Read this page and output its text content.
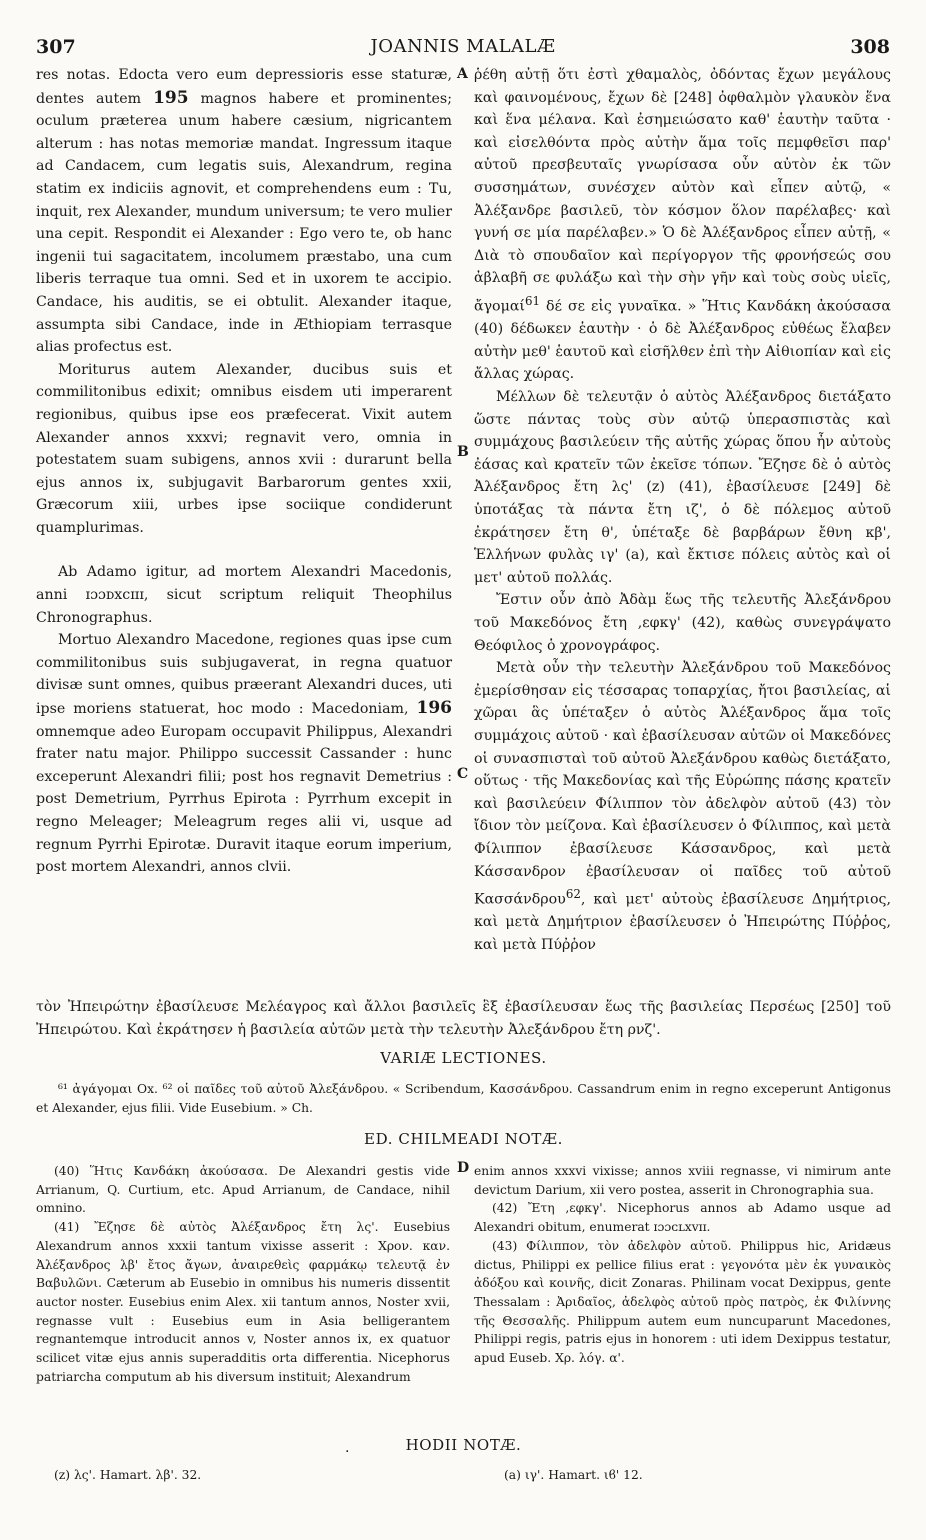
307	JOANNIS MALALÆ	308
A
B
C
D

res notas. Edocta vero eum depressioris esse staturæ, dentes autem 195 magnos habere et prominentes; oculum præterea unum habere cæsium, nigricantem alterum : has notas memoriæ mandat. Ingressum itaque ad Candacem, cum legatis suis, Alexandrum, regina statim ex indiciis agnovit, et comprehendens eum : Tu, inquit, rex Alexander, mundum universum; te vero mulier una cepit. Respondit ei Alexander : Ego vero te, ob hanc ingenii tui sagacitatem, incolumem præstabo, una cum liberis terraque tua omni. Sed et in uxorem te accipio. Candace, his auditis, se ei obtulit. Alexander itaque, assumpta sibi Candace, inde in Æthiopiam terrasque alias profectus est.

Moriturus autem Alexander, ducibus suis et commilitonibus edixit; omnibus eisdem uti imperarent regionibus, quibus ipse eos præfecerat. Vixit autem Alexander annos xxxvi; regnavit vero, omnia in potestatem suam subigens, annos xvii : durarunt bella ejus annos ix, subjugavit Barbarorum gentes xxii, Græcorum xiii, urbes ipse sociique condiderunt quamplurimas.

Ab Adamo igitur, ad mortem Alexandri Macedonis, anni ɪɔɔᴅxcɪɪɪ, sicut scriptum reliquit Theophilus Chronographus.

Mortuo Alexandro Macedone, regiones quas ipse cum commilitonibus suis subjugaverat, in regna quatuor divisæ sunt omnes, quibus præerant Alexandri duces, uti ipse moriens statuerat, hoc modo : Macedoniam, 196 omnemque adeo Europam occupavit Philippus, Alexandri frater natu major. Philippo successit Cassander : hunc exceperunt Alexandri filii; post hos regnavit Demetrius : post Demetrium, Pyrrhus Epirota : Pyrrhum excepit in regno Meleager; Meleagrum reges alii vi, usque ad regnum Pyrrhi Epirotæ. Duravit itaque eorum imperium, post mortem Alexandri, annos clvii.

ῥέθη αὐτῇ ὅτι ἐστὶ χθαμαλὸς, ὀδόντας ἔχων μεγάλους καὶ φαινομένους, ἔχων δὲ [248] ὀφθαλμὸν γλαυκὸν ἕνα καὶ ἕνα μέλανα. Καὶ ἐσημειώσατο καθ' ἑαυτὴν ταῦτα · καὶ εἰσελθόντα πρὸς αὐτὴν ἅμα τοῖς πεμφθεῖσι παρ' αὐτοῦ πρεσβευταῖς γνωρίσασα οὖν αὐτὸν ἐκ τῶν συσσημάτων, συνέσχεν αὐτὸν καὶ εἶπεν αὐτῷ, « Ἀλέξανδρε βασιλεῦ, τὸν κόσμον ὅλον παρέλαβες· καὶ γυνή σε μία παρέλαβεν.» Ὁ δὲ Ἀλέξανδρος εἶπεν αὐτῇ, « Διὰ τὸ σπουδαῖον καὶ περίγοργον τῆς φρονήσεώς σου ἀβλαβῆ σε φυλάξω καὶ τὴν σὴν γῆν καὶ τοὺς σοὺς υἱεῖς, ἄγομαί$^{61}$ δέ σε εἰς γυναῖκα. » Ἥτις Κανδάκη ἀκούσασα (40) δέδωκεν ἑαυτὴν · ὁ δὲ Ἀλέξανδρος εὐθέως ἔλαβεν αὐτὴν μεθ' ἑαυτοῦ καὶ εἰσῆλθεν ἐπὶ τὴν Αἰθιοπίαν καὶ εἰς ἄλλας χώρας.

Μέλλων δὲ τελευτᾷν ὁ αὐτὸς Ἀλέξανδρος διετάξατο ὥστε πάντας τοὺς σὺν αὐτῷ ὑπερασπιστὰς καὶ συμμάχους βασιλεύειν τῆς αὐτῆς χώρας ὅπου ἦν αὐτοὺς ἐάσας καὶ κρατεῖν τῶν ἐκεῖσε τόπων. Ἔζησε δὲ ὁ αὐτὸς Ἀλέξανδρος ἔτη λς' (z) (41), ἐβασίλευσε [249] δὲ ὑποτάξας τὰ πάντα ἔτη ιζ', ὁ δὲ πόλεμος αὐτοῦ ἐκράτησεν ἔτη θ', ὑπέταξε δὲ βαρβάρων ἔθνη κβ', Ἑλλήνων φυλὰς ιγ' (a), καὶ ἔκτισε πόλεις αὐτὸς καὶ οἱ μετ' αὐτοῦ πολλάς.

Ἔστιν οὖν ἀπὸ Ἀδὰμ ἕως τῆς τελευτῆς Ἀλεξάνδρου τοῦ Μακεδόνος ἔτη ,εφκγ' (42), καθὼς συνεγράψατο Θεόφιλος ὁ χρονογράφος.

Μετὰ οὖν τὴν τελευτὴν Ἀλεξάνδρου τοῦ Μακεδόνος ἐμερίσθησαν εἰς τέσσαρας τοπαρχίας, ἤτοι βασιλείας, αἱ χῶραι ἃς ὑπέταξεν ὁ αὐτὸς Ἀλέξανδρος ἅμα τοῖς συμμάχοις αὐτοῦ · καὶ ἐβασίλευσαν αὐτῶν οἱ Μακεδόνες οἱ συνασπισταὶ τοῦ αὐτοῦ Ἀλεξάνδρου καθὼς διετάξατο, οὕτως · τῆς Μακεδονίας καὶ τῆς Εὐρώπης πάσης κρατεῖν καὶ βασιλεύειν Φίλιππον τὸν ἀδελφὸν αὐτοῦ (43) τὸν ἴδιον τὸν μείζονα. Καὶ ἐβασίλευσεν ὁ Φίλιππος, καὶ μετὰ Φίλιππον ἐβασίλευσε Κάσσανδρος, καὶ μετὰ Κάσσανδρον ἐβασίλευσαν οἱ παῖδες τοῦ αὐτοῦ Κασσάνδρου$^{62}$, καὶ μετ' αὐτοὺς ἐβασίλευσε Δημήτριος, καὶ μετὰ Δημήτριον ἐβασίλευσεν ὁ Ἠπειρώτης Πύῤῥος, καὶ μετὰ Πύῤῥον

τὸν Ἠπειρώτην ἐβασίλευσε Μελέαγρος καὶ ἄλλοι βασιλεῖς ἓξ ἐβασίλευσαν ἕως τῆς βασιλείας Περσέως [250] τοῦ Ἠπειρώτου. Καὶ ἐκράτησεν ἡ βασιλεία αὐτῶν μετὰ τὴν τελευτὴν Ἀλεξάνδρου ἔτη ρνζ'.
VARIÆ LECTIONES.
⁶¹ ἀγάγομαι Ox. ⁶² οἱ παῖδες τοῦ αὐτοῦ Ἀλεξάνδρου. « Scribendum, Κασσάνδρου. Cassandrum enim in regno exceperunt Antigonus et Alexander, ejus filii. Vide Eusebium. » Ch.
ED. CHILMEADI NOTÆ.

(40) Ἥτις Κανδάκη ἀκούσασα. De Alexandri gestis vide Arrianum, Q. Curtium, etc. Apud Arrianum, de Candace, nihil omnino.

(41) Ἔζησε δὲ αὐτὸς Ἀλέξανδρος ἔτη λς'. Eusebius Alexandrum annos xxxii tantum vixisse asserit : Χρον. καν. Ἀλέξανδρος λβ' ἔτος ἄγων, ἀναιρεθεὶς φαρμάκῳ τελευτᾷ ἐν Βαβυλῶνι. Cæterum ab Eusebio in omnibus his numeris dissentit auctor noster. Eusebius enim Alex. xii tantum annos, Noster xvii, regnasse vult : Eusebius eum in Asia belligerantem regnantemque introducit annos v, Noster annos ix, ex quatuor scilicet vitæ ejus annis superadditis orta differentia. Nicephorus patriarcha computum ab his diversum instituit; Alexandrum

enim annos xxxvi vixisse; annos xviii regnasse, vi nimirum ante devictum Darium, xii vero postea, asserit in Chronographia sua.

(42) Ἔτη ,εφκγ'. Nicephorus annos ab Adamo usque ad Alexandri obitum, enumerat ɪɔɔᴄʟxᴠɪɪ.

(43) Φίλιππον, τὸν ἀδελφὸν αὐτοῦ. Philippus hic, Aridæus dictus, Philippi ex pellice filius erat : γεγονότα μὲν ἐκ γυναικὸς ἀδόξου καὶ κοινῆς, dicit Zonaras. Philinam vocat Dexippus, gente Thessalam : Ἀριδαῖος, ἀδελφὸς αὐτοῦ πρὸς πατρὸς, ἐκ Φιλίννης τῆς Θεσσαλῆς. Philippum autem eum nuncuparunt Macedones, Philippi regis, patris ejus in honorem : uti idem Dexippus testatur, apud Euseb. Χρ. λόγ. α'.

.	HODII NOTÆ.
(z) λς'. Hamart. λβ'. 32.	(a) ιγ'. Hamart. ιϐ' 12.
